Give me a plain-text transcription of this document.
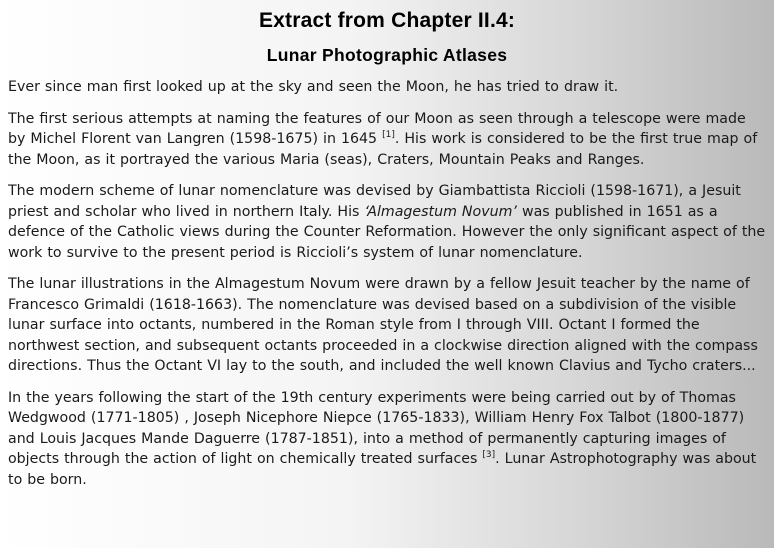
Extract from Chapter II.4:
Lunar Photographic Atlases

Ever since man first looked up at the sky and seen the Moon, he has tried to draw it.

The first serious attempts at naming the features of our Moon as seen through a telescope were made by Michel Florent van Langren (1598-1675) in 1645 [1]. His work is considered to be the first true map of the Moon, as it portrayed the various Maria (seas), Craters, Mountain Peaks and Ranges.

The modern scheme of lunar nomenclature was devised by Giambattista Riccioli (1598-1671), a Jesuit priest and scholar who lived in northern Italy. His ‘Almagestum Novum’ was published in 1651 as a defence of the Catholic views during the Counter Reformation. However the only significant aspect of the work to survive to the present period is Riccioli’s system of lunar nomenclature.

The lunar illustrations in the Almagestum Novum were drawn by a fellow Jesuit teacher by the name of Francesco Grimaldi (1618-1663). The nomenclature was devised based on a subdivision of the visible lunar surface into octants, numbered in the Roman style from I through VIII. Octant I formed the northwest section, and subsequent octants proceeded in a clockwise direction aligned with the compass directions. Thus the Octant VI lay to the south, and included the well known Clavius and Tycho craters...

In the years following the start of the 19th century experiments were being carried out by of Thomas Wedgwood (1771-1805) , Joseph Nicephore Niepce (1765-1833), William Henry Fox Talbot (1800-1877) and Louis Jacques Mande Daguerre (1787-1851), into a method of permanently capturing images of objects through the action of light on chemically treated surfaces [3]. Lunar Astrophotography was about to be born.
